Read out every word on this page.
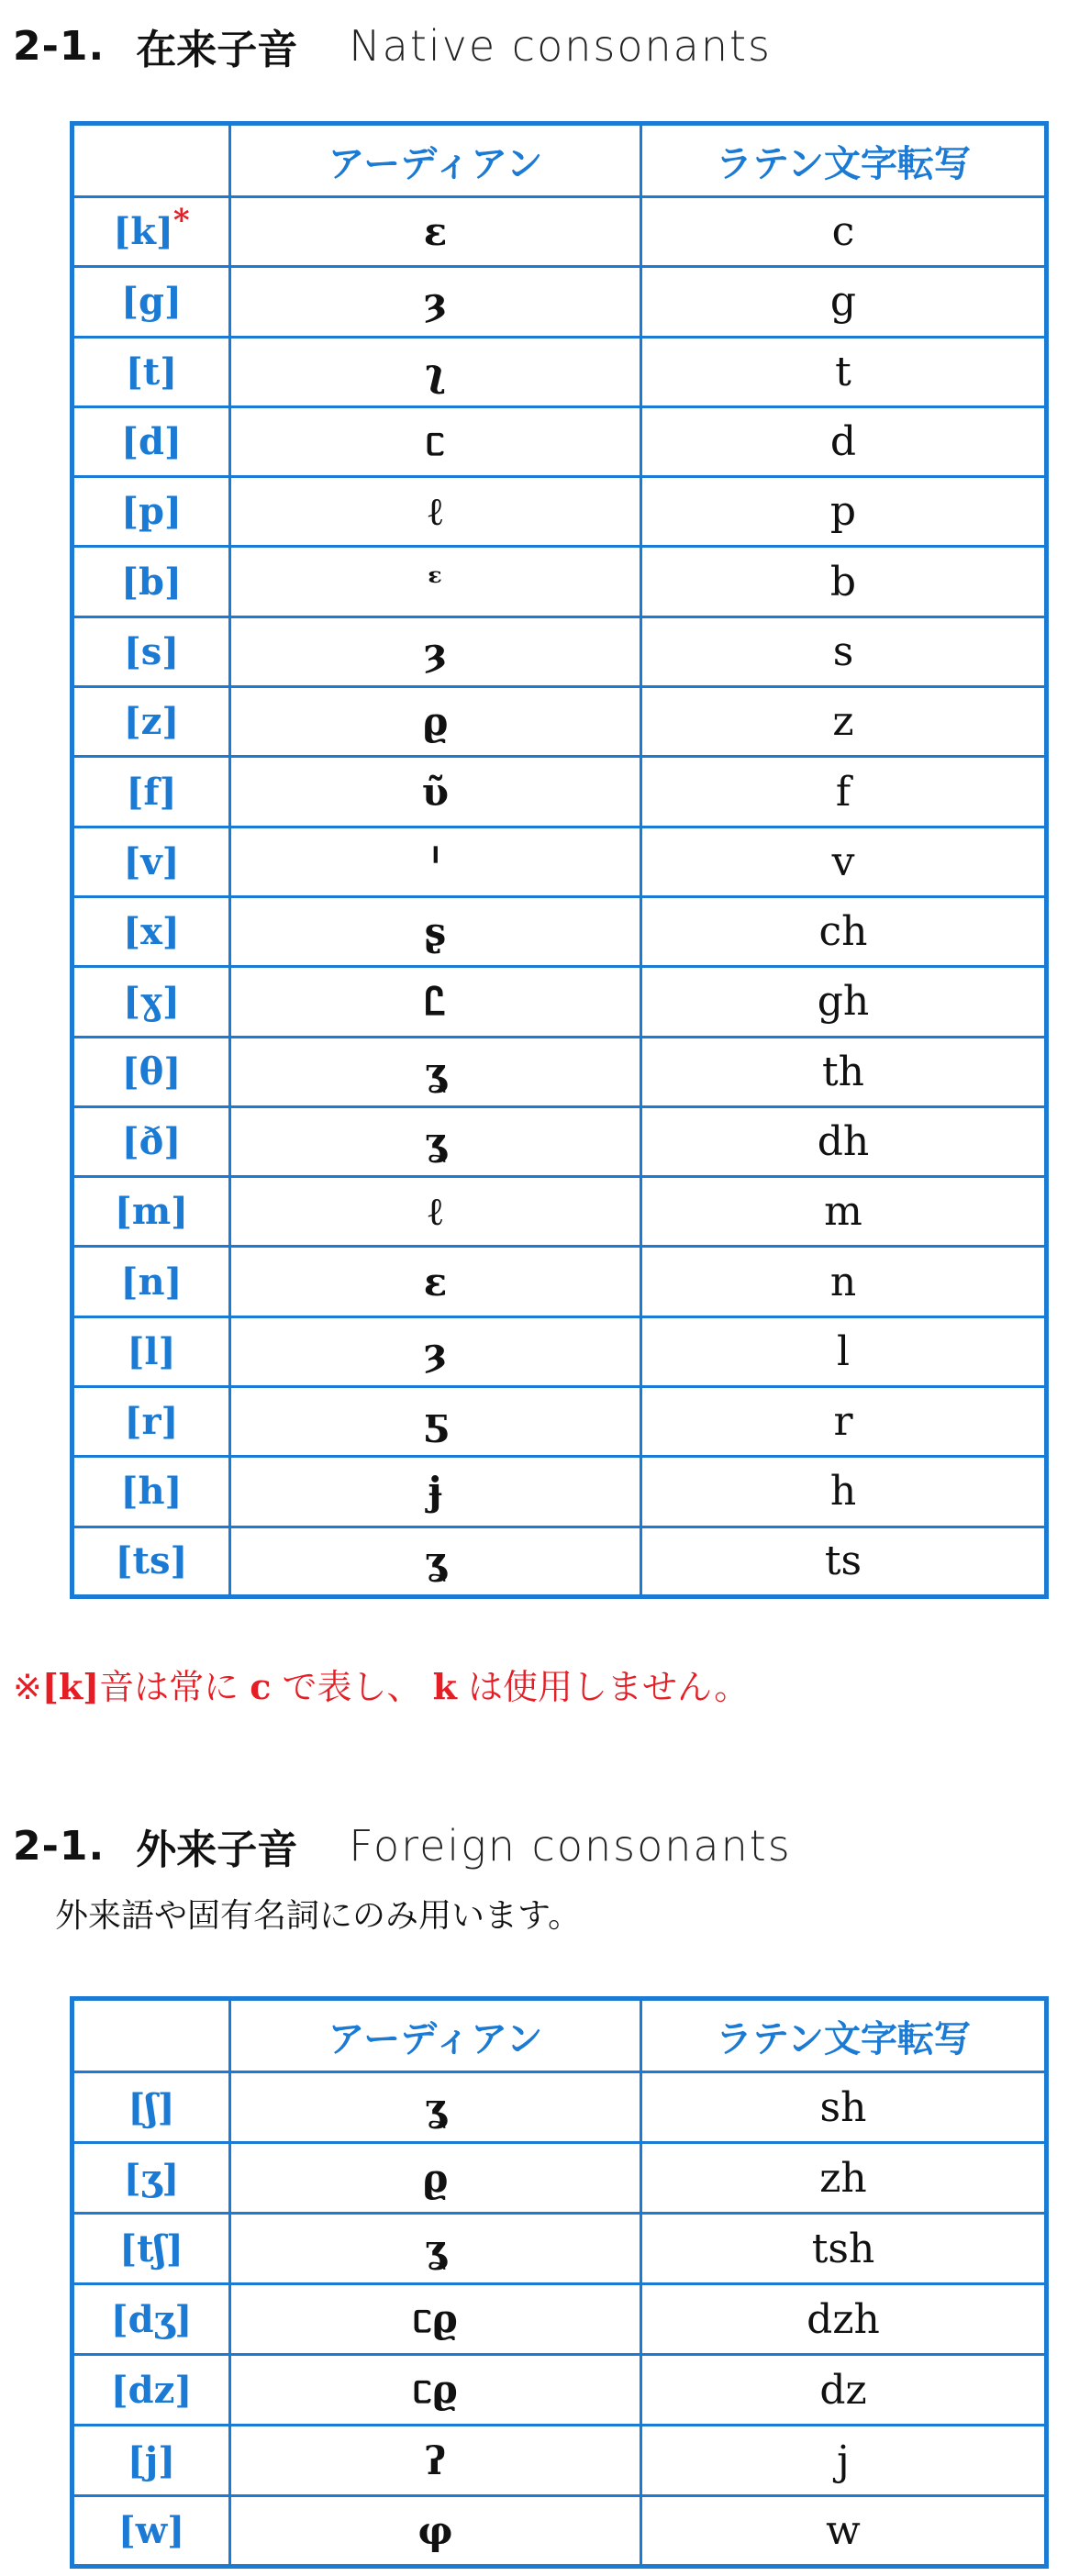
2-1. 在来子音 Native consonants
	アーディアン	ラテン文字転写
[k]*	ɛ	c
[g]	ȝ	g
[t]	ʅ	t
[d]	ᥴ	d
[p]	ℓ	p
[b]	ᵋ	b
[s]	ȝ	s
[z]	ϱ	z
[f]	ῦ	f
[v]	ᑊ	v
[x]	ʂ	ch
[ɣ]	Ꮭ	gh
[θ]	ʓ	th
[ð]	ʓ	dh
[m]	ℓ	m
[n]	ɛ	n
[l]	ȝ	l
[r]	ƽ	r
[h]	ɉ	h
[ts]	ʓ	ts
※[k]音は常に c で表し、 k は使用しません。
2-1. 外来子音 Foreign consonants
外来語や固有名詞にのみ用います。
	アーディアン	ラテン文字転写
[ʃ]	ʓ	sh
[ʒ]	ϱ	zh
[tʃ]	ʓ	tsh
[dʒ]	ᥴϱ	dzh
[dz]	ᥴϱ	dz
[j]	ʔ	j
[w]	φ	w
